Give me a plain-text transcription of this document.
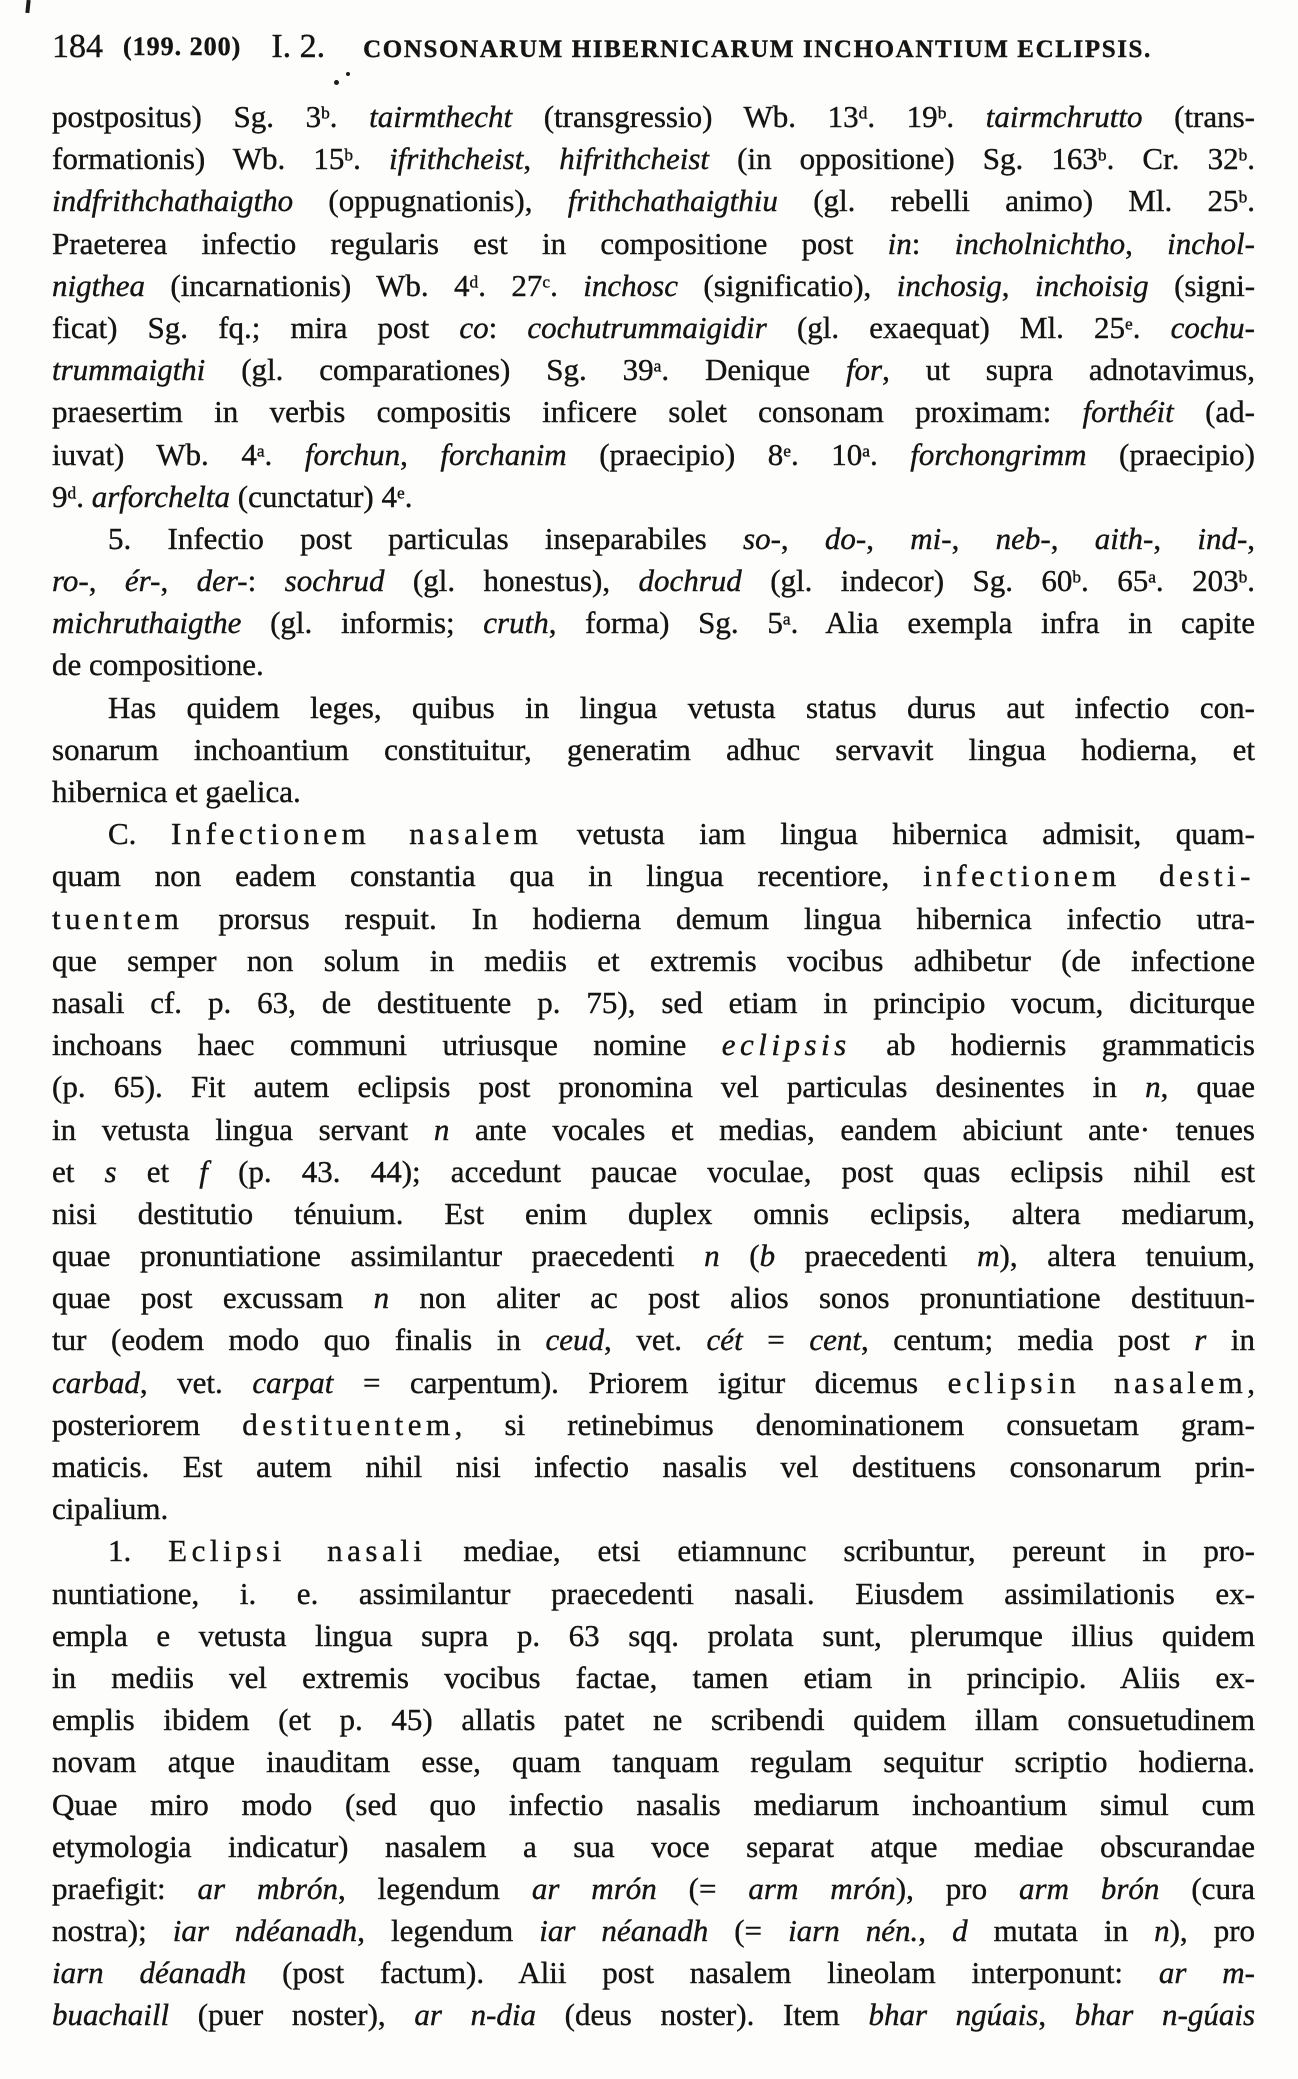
184 (199. 200) I. 2. CONSONARUM HIBERNICARUM INCHOANTIUM ECLIPSIS.
postpositus) Sg. 3$^b$. tairmthecht (transgressio) Wb. 13$^d$. 19$^b$. tairmchrutto (trans-
formationis) Wb. 15$^b$. ifrithcheist, hifrithcheist (in oppositione) Sg. 163$^b$. Cr. 32$^b$.
indfrithchathaigtho (oppugnationis), frithchathaigthiu (gl. rebelli animo) Ml. 25$^b$.
Praeterea infectio regularis est in compositione post in: incholnichtho, inchol-
nigthea (incarnationis) Wb. 4$^d$. 27$^c$. inchosc (significatio), inchosig, inchoisig (signi-
ficat) Sg. fq.; mira post co: cochutrummaigidir (gl. exaequat) Ml. 25e. cochu-
trummaigthi (gl. comparationes) Sg. 39$^a$. Denique for, ut supra adnotavimus,
praesertim in verbis compositis inficere solet consonam proximam: forthéit (ad-
iuvat) Wb. 4$^a$. forchun, forchanim (praecipio) 8e. 10$^a$. forchongrimm (praecipio)
9$^d$. arforchelta (cunctatur) 4e.
5. Infectio post particulas inseparabiles so-, do-, mi-, neb-, aith-, ind-,
ro-, ér-, der-: sochrud (gl. honestus), dochrud (gl. indecor) Sg. 60$^b$. 65$^a$. 203$^b$.
michruthaigthe (gl. informis; cruth, forma) Sg. 5$^a$. Alia exempla infra in capite
de compositione.
Has quidem leges, quibus in lingua vetusta status durus aut infectio con-
sonarum inchoantium constituitur, generatim adhuc servavit lingua hodierna, et
hibernica et gaelica.
C. Infectionem nasalem vetusta iam lingua hibernica admisit, quam-
quam non eadem constantia qua in lingua recentiore, infectionem desti-
tuentem prorsus respuit. In hodierna demum lingua hibernica infectio utra-
que semper non solum in mediis et extremis vocibus adhibetur (de infectione
nasali cf. p. 63, de destituente p. 75), sed etiam in principio vocum, diciturque
inchoans haec communi utriusque nomine eclipsis ab hodiernis grammaticis
(p. 65). Fit autem eclipsis post pronomina vel particulas desinentes in n, quae
in vetusta lingua servant n ante vocales et medias, eandem abiciunt ante· tenues
et s et f (p. 43. 44); accedunt paucae voculae, post quas eclipsis nihil est
nisi destitutio ténuium. Est enim duplex omnis eclipsis, altera mediarum,
quae pronuntiatione assimilantur praecedenti n (b praecedenti m), altera tenuium,
quae post excussam n non aliter ac post alios sonos pronuntiatione destituun-
tur (eodem modo quo finalis in ceud, vet. cét = cent, centum; media post r in
carbad, vet. carpat = carpentum). Priorem igitur dicemus eclipsin nasalem,
posteriorem destituentem, si retinebimus denominationem consuetam gram-
maticis. Est autem nihil nisi infectio nasalis vel destituens consonarum prin-
cipalium.
1. Eclipsi nasali mediae, etsi etiamnunc scribuntur, pereunt in pro-
nuntiatione, i. e. assimilantur praecedenti nasali. Eiusdem assimilationis ex-
empla e vetusta lingua supra p. 63 sqq. prolata sunt, plerumque illius quidem
in mediis vel extremis vocibus factae, tamen etiam in principio. Aliis ex-
emplis ibidem (et p. 45) allatis patet ne scribendi quidem illam consuetudinem
novam atque inauditam esse, quam tanquam regulam sequitur scriptio hodierna.
Quae miro modo (sed quo infectio nasalis mediarum inchoantium simul cum
etymologia indicatur) nasalem a sua voce separat atque mediae obscurandae
praefigit: ar mbrón, legendum ar mrón (= arm mrón), pro arm brón (cura
nostra); iar ndéanadh, legendum iar néanadh (= iarn nén., d mutata in n), pro
iarn déanadh (post factum). Alii post nasalem lineolam interponunt: ar m-
buachaill (puer noster), ar n-dia (deus noster). Item bhar ngúais, bhar n-gúais
